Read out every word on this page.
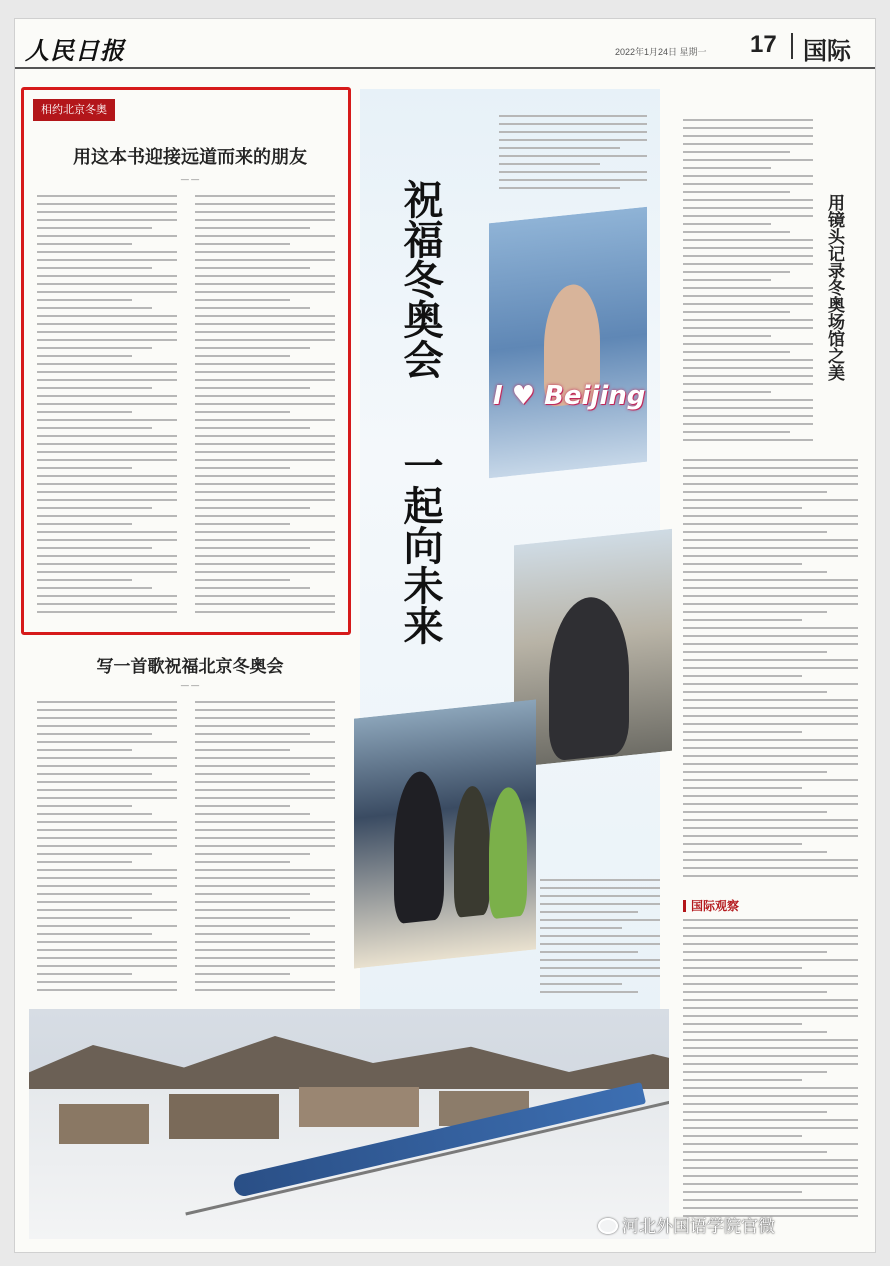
人民日报	2022年1月24日 星期一 17 国际
相约北京冬奥
用这本书迎接远道而来的朋友
— —
写一首歌祝福北京冬奥会
— —
祝福冬奥会
一起向未来
I ♥ Beijing
用镜头记录冬奥场馆之美
国际观察
河北外国语学院官微
